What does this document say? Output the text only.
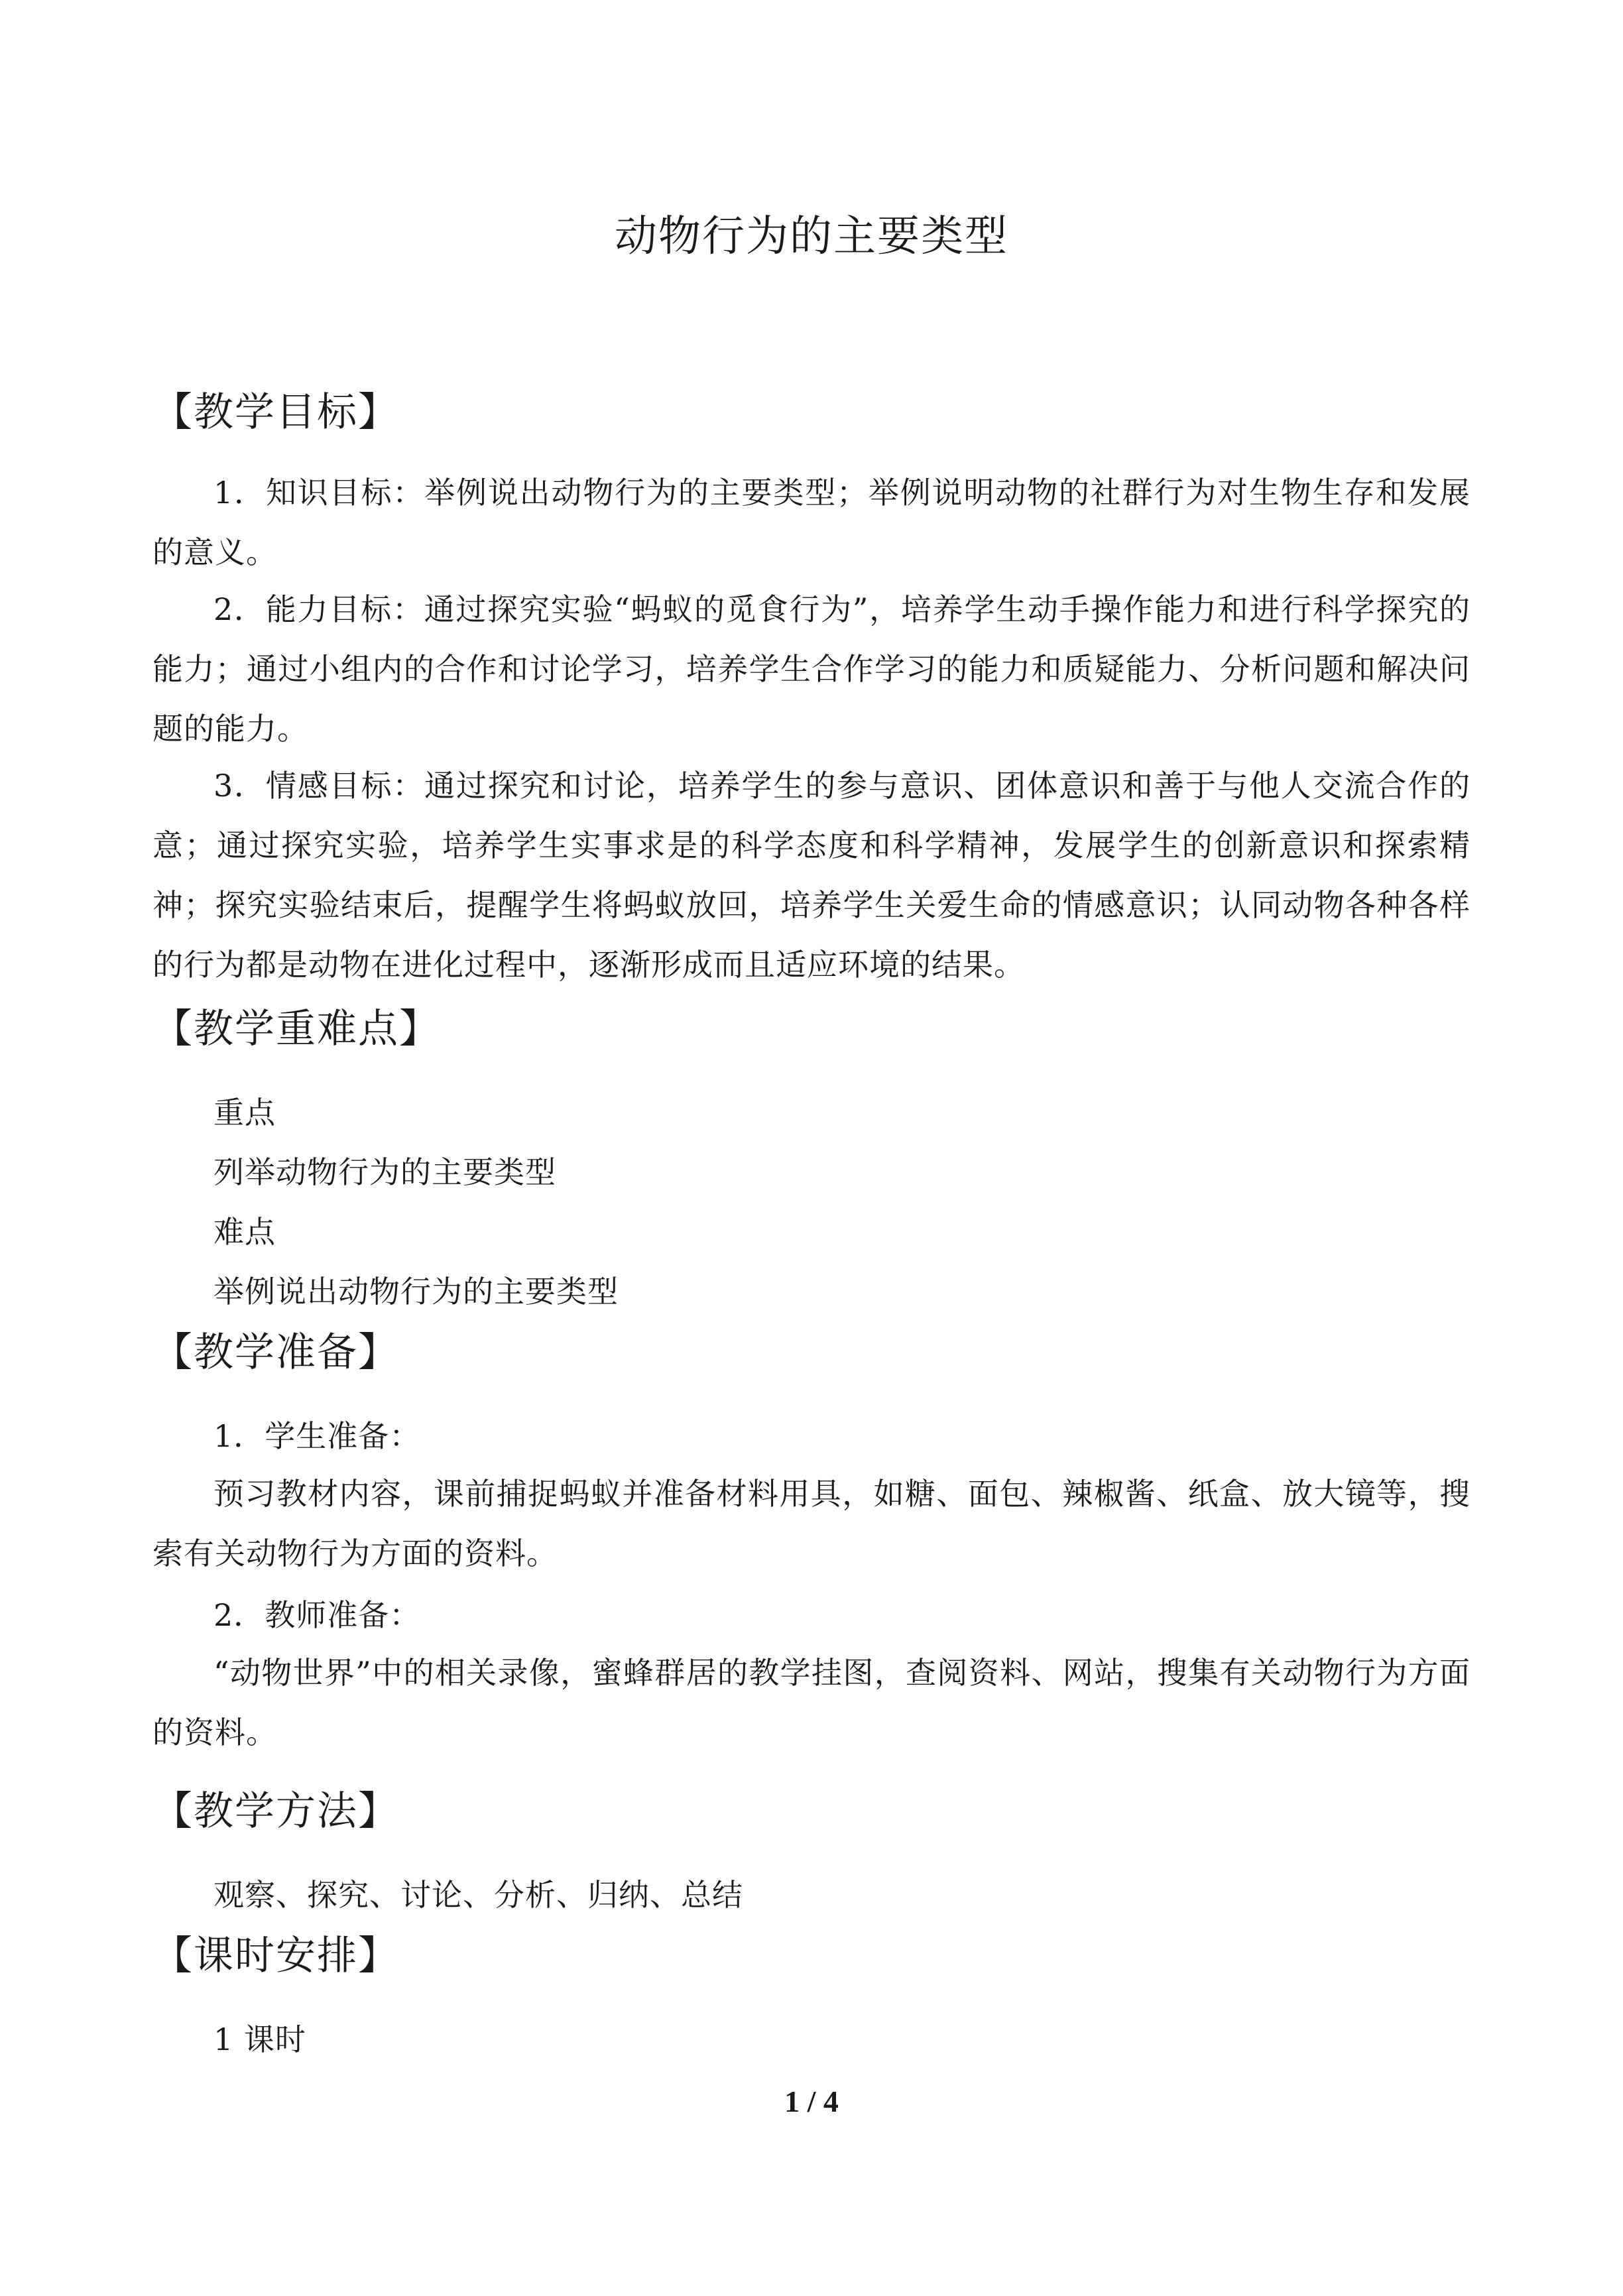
动物行为的主要类型
【教学目标】
1．知识目标：举例说出动物行为的主要类型；举例说明动物的社群行为对生物生存和发展的意义。
2．能力目标：通过探究实验“蚂蚁的觅食行为”，培养学生动手操作能力和进行科学探究的能力；通过小组内的合作和讨论学习，培养学生合作学习的能力和质疑能力、分析问题和解决问题的能力。
3．情感目标：通过探究和讨论，培养学生的参与意识、团体意识和善于与他人交流合作的意；通过探究实验，培养学生实事求是的科学态度和科学精神，发展学生的创新意识和探索精神；探究实验结束后，提醒学生将蚂蚁放回，培养学生关爱生命的情感意识；认同动物各种各样的行为都是动物在进化过程中，逐渐形成而且适应环境的结果。
【教学重难点】
重点
列举动物行为的主要类型
难点
举例说出动物行为的主要类型
【教学准备】
1．学生准备：
预习教材内容，课前捕捉蚂蚁并准备材料用具，如糖、面包、辣椒酱、纸盒、放大镜等，搜索有关动物行为方面的资料。
2．教师准备：
“动物世界”中的相关录像，蜜蜂群居的教学挂图，查阅资料、网站，搜集有关动物行为方面的资料。
【教学方法】
观察、探究、讨论、分析、归纳、总结
【课时安排】
1 课时
1 / 4
